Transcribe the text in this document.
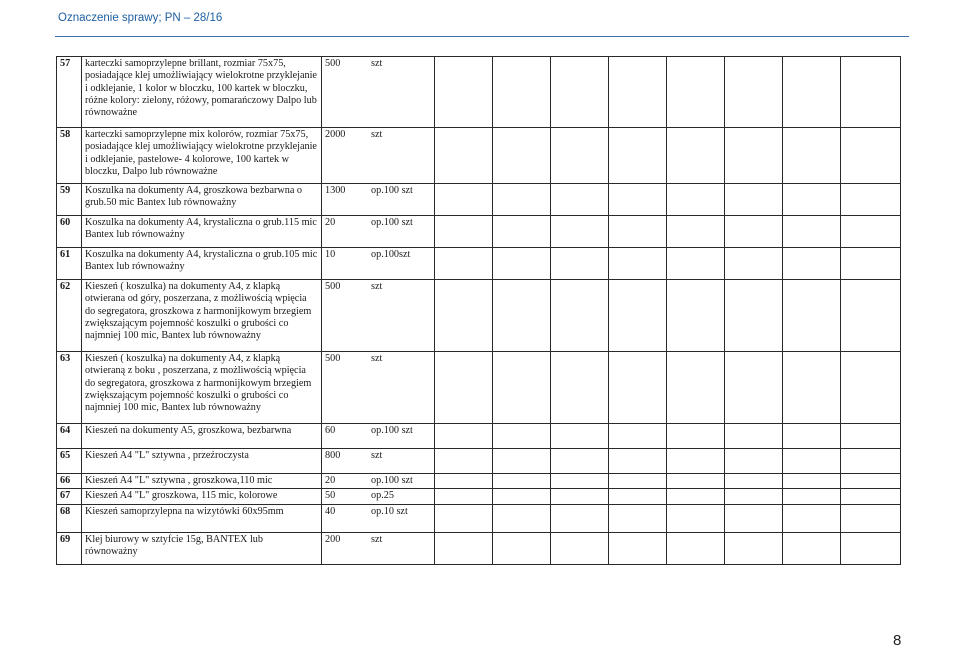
Oznaczenie sprawy; PN – 28/16
57	karteczki samoprzylepne brillant, rozmiar 75x75, posiadające klej umożliwiający wielokrotne przyklejanie i odklejanie, 1 kolor w bloczku, 100 kartek w bloczku, różne kolory: zielony, różowy, pomarańczowy Dalpo lub równoważne	500 szt								
58	karteczki samoprzylepne mix kolorów, rozmiar 75x75, posiadające klej umożliwiający wielokrotne przyklejanie i odklejanie, pastelowe- 4 kolorowe, 100 kartek w bloczku, Dalpo lub równoważne	2000 szt								
59	Koszulka na dokumenty A4, groszkowa bezbarwna o grub.50 mic Bantex lub równoważny	1300 op.100 szt								
60	Koszulka na dokumenty A4, krystaliczna o grub.115 mic Bantex lub równoważny	20 op.100 szt								
61	Koszulka na dokumenty A4, krystaliczna o grub.105 mic Bantex lub równoważny	10 op.100szt								
62	Kieszeń ( koszulka) na dokumenty A4, z klapką otwierana od góry, poszerzana, z możliwością wpięcia do segregatora, groszkowa z harmonijkowym brzegiem zwiększającym pojemność koszulki o grubości co najmniej 100 mic, Bantex lub równoważny	500 szt								
63	Kieszeń ( koszulka) na dokumenty A4, z klapką otwieraną z boku , poszerzana, z możliwością wpięcia do segregatora, groszkowa z harmonijkowym brzegiem zwiększającym pojemność koszulki o grubości co najmniej 100 mic, Bantex lub równoważny	500 szt								
64	Kieszeń na dokumenty A5, groszkowa, bezbarwna	60 op.100 szt								
65	Kieszeń A4 "L" sztywna , przeźroczysta	800 szt								
66	Kieszeń A4 "L" sztywna , groszkowa,110 mic	20 op.100 szt								
67	Kieszeń A4 "L" groszkowa, 115 mic, kolorowe	50 op.25								
68	Kieszeń samoprzylepna na wizytówki 60x95mm	40 op.10 szt								
69	Klej biurowy w sztyfcie 15g, BANTEX lub równoważny	200 szt								
8
